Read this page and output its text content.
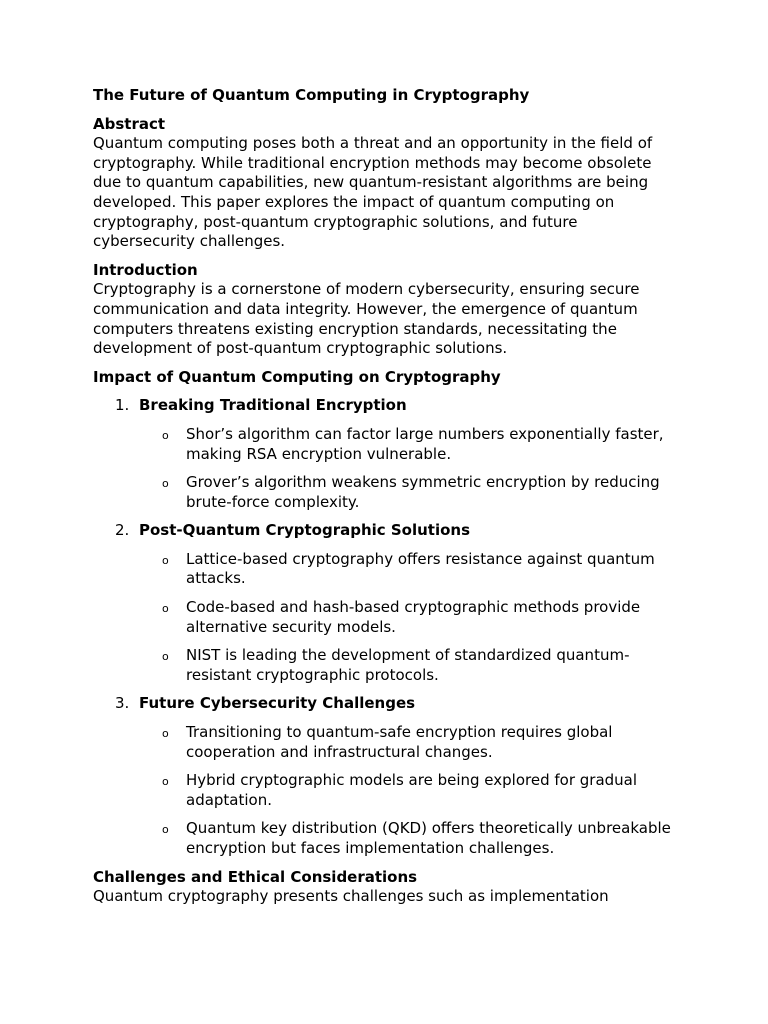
The Future of Quantum Computing in Cryptography

Abstract

Quantum computing poses both a threat and an opportunity in the field of cryptography. While traditional encryption methods may become obsolete due to quantum capabilities, new quantum-resistant algorithms are being developed. This paper explores the impact of quantum computing on cryptography, post-quantum cryptographic solutions, and future cybersecurity challenges.

Introduction

Cryptography is a cornerstone of modern cybersecurity, ensuring secure communication and data integrity. However, the emergence of quantum computers threatens existing encryption standards, necessitating the development of post-quantum cryptographic solutions.

Impact of Quantum Computing on Cryptography

1. Breaking Traditional Encryption
o Shor’s algorithm can factor large numbers exponentially faster, making RSA encryption vulnerable.
o Grover’s algorithm weakens symmetric encryption by reducing brute-force complexity.
2. Post-Quantum Cryptographic Solutions
o Lattice-based cryptography offers resistance against quantum attacks.
o Code-based and hash-based cryptographic methods provide alternative security models.
o NIST is leading the development of standardized quantum-resistant cryptographic protocols.
3. Future Cybersecurity Challenges
o Transitioning to quantum-safe encryption requires global cooperation and infrastructural changes.
o Hybrid cryptographic models are being explored for gradual adaptation.
o Quantum key distribution (QKD) offers theoretically unbreakable encryption but faces implementation challenges.

Challenges and Ethical Considerations

Quantum cryptography presents challenges such as implementation
